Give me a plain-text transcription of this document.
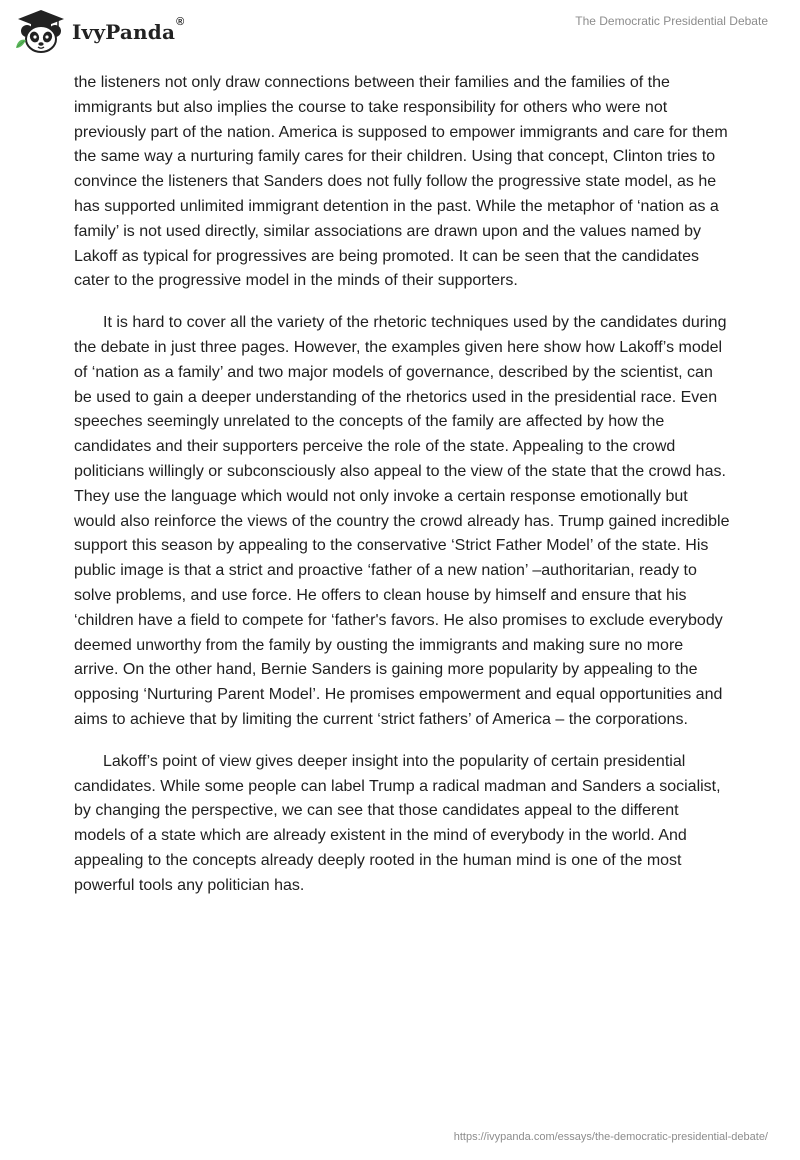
IvyPanda®	The Democratic Presidential Debate

the listeners not only draw connections between their families and the families of the immigrants but also implies the course to take responsibility for others who were not previously part of the nation. America is supposed to empower immigrants and care for them the same way a nurturing family cares for their children. Using that concept, Clinton tries to convince the listeners that Sanders does not fully follow the progressive state model, as he has supported unlimited immigrant detention in the past. While the metaphor of ‘nation as a family’ is not used directly, similar associations are drawn upon and the values named by Lakoff as typical for progressives are being promoted. It can be seen that the candidates cater to the progressive model in the minds of their supporters.

It is hard to cover all the variety of the rhetoric techniques used by the candidates during the debate in just three pages. However, the examples given here show how Lakoff’s model of ‘nation as a family’ and two major models of governance, described by the scientist, can be used to gain a deeper understanding of the rhetorics used in the presidential race. Even speeches seemingly unrelated to the concepts of the family are affected by how the candidates and their supporters perceive the role of the state. Appealing to the crowd politicians willingly or subconsciously also appeal to the view of the state that the crowd has. They use the language which would not only invoke a certain response emotionally but would also reinforce the views of the country the crowd already has. Trump gained incredible support this season by appealing to the conservative ‘Strict Father Model’ of the state. His public image is that a strict and proactive ‘father of a new nation’ –authoritarian, ready to solve problems, and use force. He offers to clean house by himself and ensure that his ‘children have a field to compete for ‘father's favors. He also promises to exclude everybody deemed unworthy from the family by ousting the immigrants and making sure no more arrive. On the other hand, Bernie Sanders is gaining more popularity by appealing to the opposing ‘Nurturing Parent Model’. He promises empowerment and equal opportunities and aims to achieve that by limiting the current ‘strict fathers’ of America – the corporations.

Lakoff’s point of view gives deeper insight into the popularity of certain presidential candidates. While some people can label Trump a radical madman and Sanders a socialist, by changing the perspective, we can see that those candidates appeal to the different models of a state which are already existent in the mind of everybody in the world. And appealing to the concepts already deeply rooted in the human mind is one of the most powerful tools any politician has.

https://ivypanda.com/essays/the-democratic-presidential-debate/
